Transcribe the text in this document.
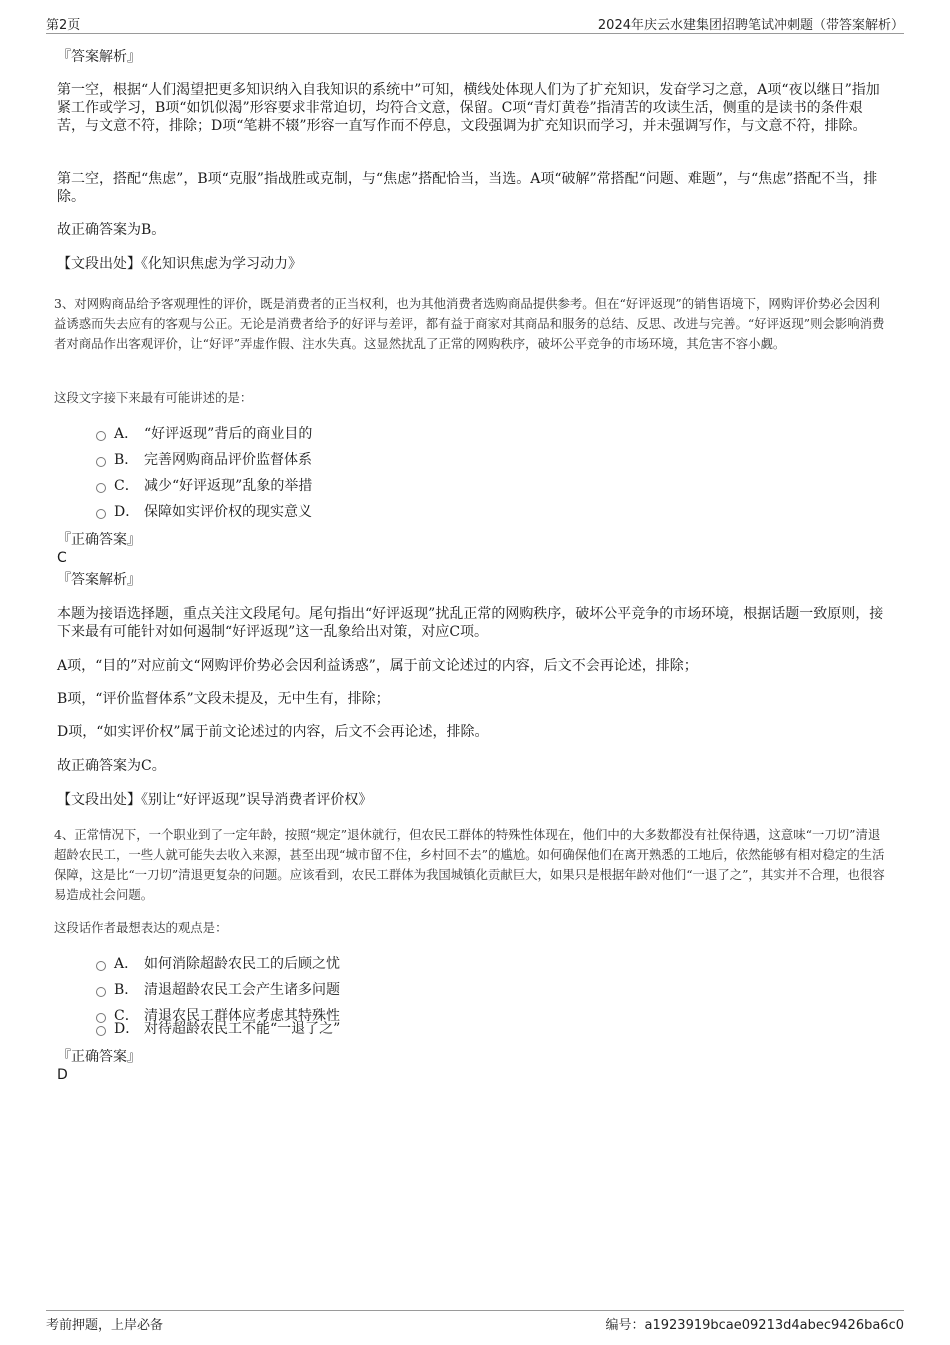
第2页	2024年庆云水建集团招聘笔试冲刺题（带答案解析）
『答案解析』
第一空，根据“人们渴望把更多知识纳入自我知识的系统中”可知，横线处体现人们为了扩充知识，发奋学习之意，A项“夜以继日”指加紧工作或学习，B项“如饥似渴”形容要求非常迫切，均符合文意，保留。C项“青灯黄卷”指清苦的攻读生活，侧重的是读书的条件艰苦，与文意不符，排除；D项“笔耕不辍”形容一直写作而不停息，文段强调为扩充知识而学习，并未强调写作，与文意不符，排除。
第二空，搭配“焦虑”，B项“克服”指战胜或克制，与“焦虑”搭配恰当，当选。A项“破解”常搭配“问题、难题”，与“焦虑”搭配不当，排除。
故正确答案为B。
【文段出处】《化知识焦虑为学习动力》
3、对网购商品给予客观理性的评价，既是消费者的正当权利，也为其他消费者选购商品提供参考。但在“好评返现”的销售语境下，网购评价势必会因利益诱惑而失去应有的客观与公正。无论是消费者给予的好评与差评，都有益于商家对其商品和服务的总结、反思、改进与完善。“好评返现”则会影响消费者对商品作出客观评价，让“好评”弄虚作假、注水失真。这显然扰乱了正常的网购秩序，破坏公平竞争的市场环境，其危害不容小觑。
这段文字接下来最有可能讲述的是：
A． “好评返现”背后的商业目的
B． 完善网购商品评价监督体系
C． 减少“好评返现”乱象的举措
D． 保障如实评价权的现实意义
『正确答案』
C
『答案解析』
本题为接语选择题，重点关注文段尾句。尾句指出“好评返现”扰乱正常的网购秩序，破坏公平竞争的市场环境，根据话题一致原则，接下来最有可能针对如何遏制“好评返现”这一乱象给出对策，对应C项。
A项，“目的”对应前文“网购评价势必会因利益诱惑”，属于前文论述过的内容，后文不会再论述，排除；
B项，“评价监督体系”文段未提及，无中生有，排除；
D项，“如实评价权”属于前文论述过的内容，后文不会再论述，排除。
故正确答案为C。
【文段出处】《别让“好评返现”误导消费者评价权》
4、正常情况下，一个职业到了一定年龄，按照“规定”退休就行，但农民工群体的特殊性体现在，他们中的大多数都没有社保待遇，这意味“一刀切”清退超龄农民工，一些人就可能失去收入来源，甚至出现“城市留不住，乡村回不去”的尴尬。如何确保他们在离开熟悉的工地后，依然能够有相对稳定的生活保障，这是比“一刀切”清退更复杂的问题。应该看到，农民工群体为我国城镇化贡献巨大，如果只是根据年龄对他们“一退了之”，其实并不合理，也很容易造成社会问题。
这段话作者最想表达的观点是：
A． 如何消除超龄农民工的后顾之忧
B． 清退超龄农民工会产生诸多问题
C． 清退农民工群体应考虑其特殊性
D． 对待超龄农民工不能“一退了之”
『正确答案』
D
考前押题，上岸必备	编号：a1923919bcae09213d4abec9426ba6c0
